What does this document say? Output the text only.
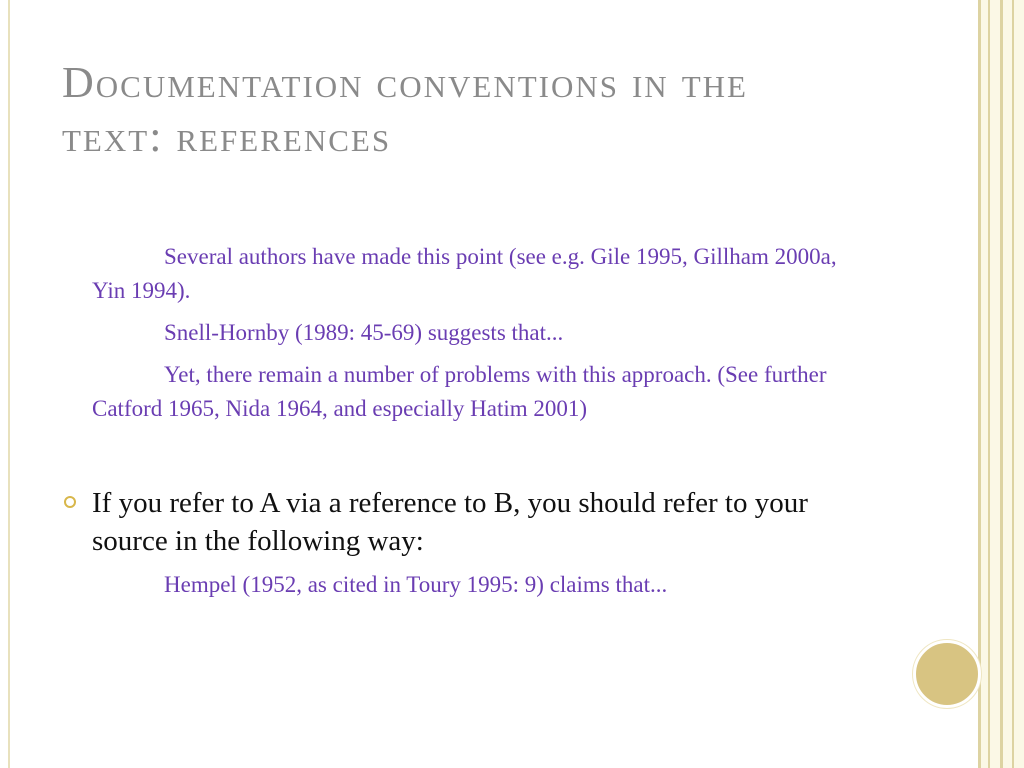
Documentation conventions in the
text: references

Several authors have made this point (see e.g. Gile 1995, Gillham 2000a, Yin 1994).

Snell-Hornby (1989: 45-69) suggests that...

Yet, there remain a number of problems with this approach. (See further Catford 1965, Nida 1964, and especially Hatim 2001)

If you refer to A via a reference to B, you should refer to your source in the following way:

Hempel (1952, as cited in Toury 1995: 9) claims that...
